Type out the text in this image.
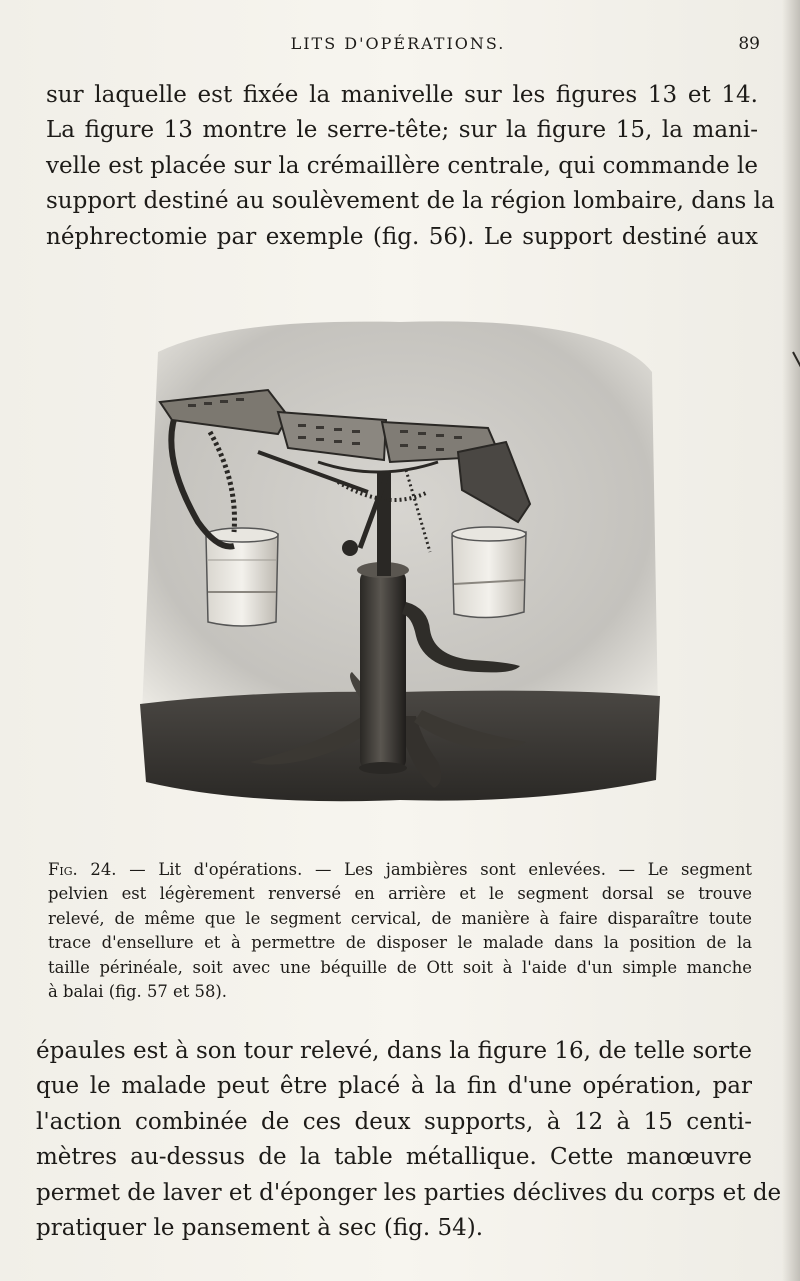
LITS D'OPÉRATIONS.	89
sur laquelle est fixée la manivelle sur les figures 13 et 14.
La figure 13 montre le serre-tête; sur la figure 15, la mani-
velle est placée sur la crémaillère centrale, qui commande le
support destiné au soulèvement de la région lombaire, dans la
néphrectomie par exemple (fig. 56). Le support destiné aux
Fig. 24. — Lit d'opérations. — Les jambières sont enlevées. — Le segment
pelvien est légèrement renversé en arrière et le segment dorsal se trouve
relevé, de même que le segment cervical, de manière à faire disparaître toute
trace d'ensellure et à permettre de disposer le malade dans la position de la
taille périnéale, soit avec une béquille de Ott soit à l'aide d'un simple manche
à balai (fig. 57 et 58).
épaules est à son tour relevé, dans la figure 16, de telle sorte
que le malade peut être placé à la fin d'une opération, par
l'action combinée de ces deux supports, à 12 à 15 centi-
mètres au-dessus de la table métallique. Cette manœuvre
permet de laver et d'éponger les parties déclives du corps et de
pratiquer le pansement à sec (fig. 54).
